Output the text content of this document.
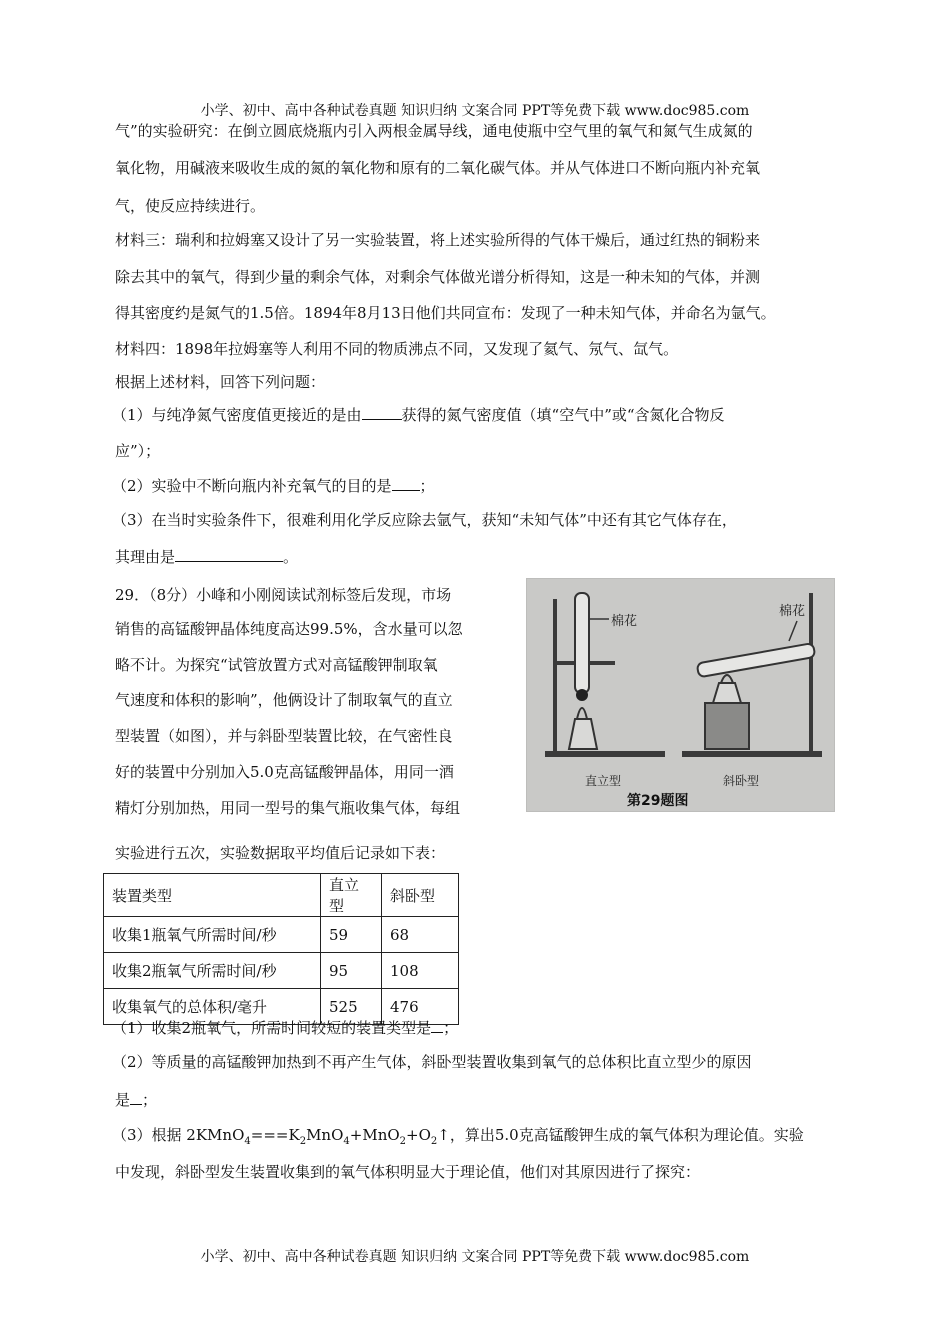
小学、初中、高中各种试卷真题 知识归纳 文案合同 PPT等免费下载 www.doc985.com
气”的实验研究：在倒立圆底烧瓶内引入两根金属导线，通电使瓶中空气里的氧气和氮气生成氮的
氧化物，用碱液来吸收生成的氮的氧化物和原有的二氧化碳气体。并从气体进口不断向瓶内补充氧
气，使反应持续进行。
材料三：瑞利和拉姆塞又设计了另一实验装置，将上述实验所得的气体干燥后，通过红热的铜粉来
除去其中的氧气，得到少量的剩余气体，对剩余气体做光谱分析得知，这是一种未知的气体，并测
得其密度约是氮气的1.5倍。1894年8月13日他们共同宣布：发现了一种未知气体，并命名为氩气。
材料四：1898年拉姆塞等人利用不同的物质沸点不同，又发现了氦气、氖气、氙气。
根据上述材料，回答下列问题：
（1）与纯净氮气密度值更接近的是由	获得的氮气密度值（填“空气中”或“含氮化合物反
应”）；
（2）实验中不断向瓶内补充氧气的目的是 ；
（3）在当时实验条件下，很难利用化学反应除去氩气，获知“未知气体”中还有其它气体存在，
其理由是	。
29．（8分）小峰和小刚阅读试剂标签后发现，市场
销售的高锰酸钾晶体纯度高达99.5%，含水量可以忽
略不计。为探究“试管放置方式对高锰酸钾制取氧
气速度和体积的影响”，他俩设计了制取氧气的直立
型装置（如图），并与斜卧型装置比较，在气密性良
好的装置中分别加入5.0克高锰酸钾晶体，用同一酒
精灯分别加热，用同一型号的集气瓶收集气体，每组
实验进行五次，实验数据取平均值后记录如下表：
棉花
直立型
棉花
斜卧型
第29题图
装置类型	直立型	斜卧型
收集1瓶氧气所需时间/秒	59	68
收集2瓶氧气所需时间/秒	95	108
收集氧气的总体积/毫升	525	476
（1）收集2瓶氧气，所需时间较短的装置类型是 ；
（2）等质量的高锰酸钾加热到不再产生气体，斜卧型装置收集到氧气的总体积比直立型少的原因
是 ；
（3）根据 $2KMnO_4===K_2MnO_4+MnO_2+O_2↑$，算出5.0克高锰酸钾生成的氧气体积为理论值。实验
中发现，斜卧型发生装置收集到的氧气体积明显大于理论值，他们对其原因进行了探究：
小学、初中、高中各种试卷真题 知识归纳 文案合同 PPT等免费下载 www.doc985.com
